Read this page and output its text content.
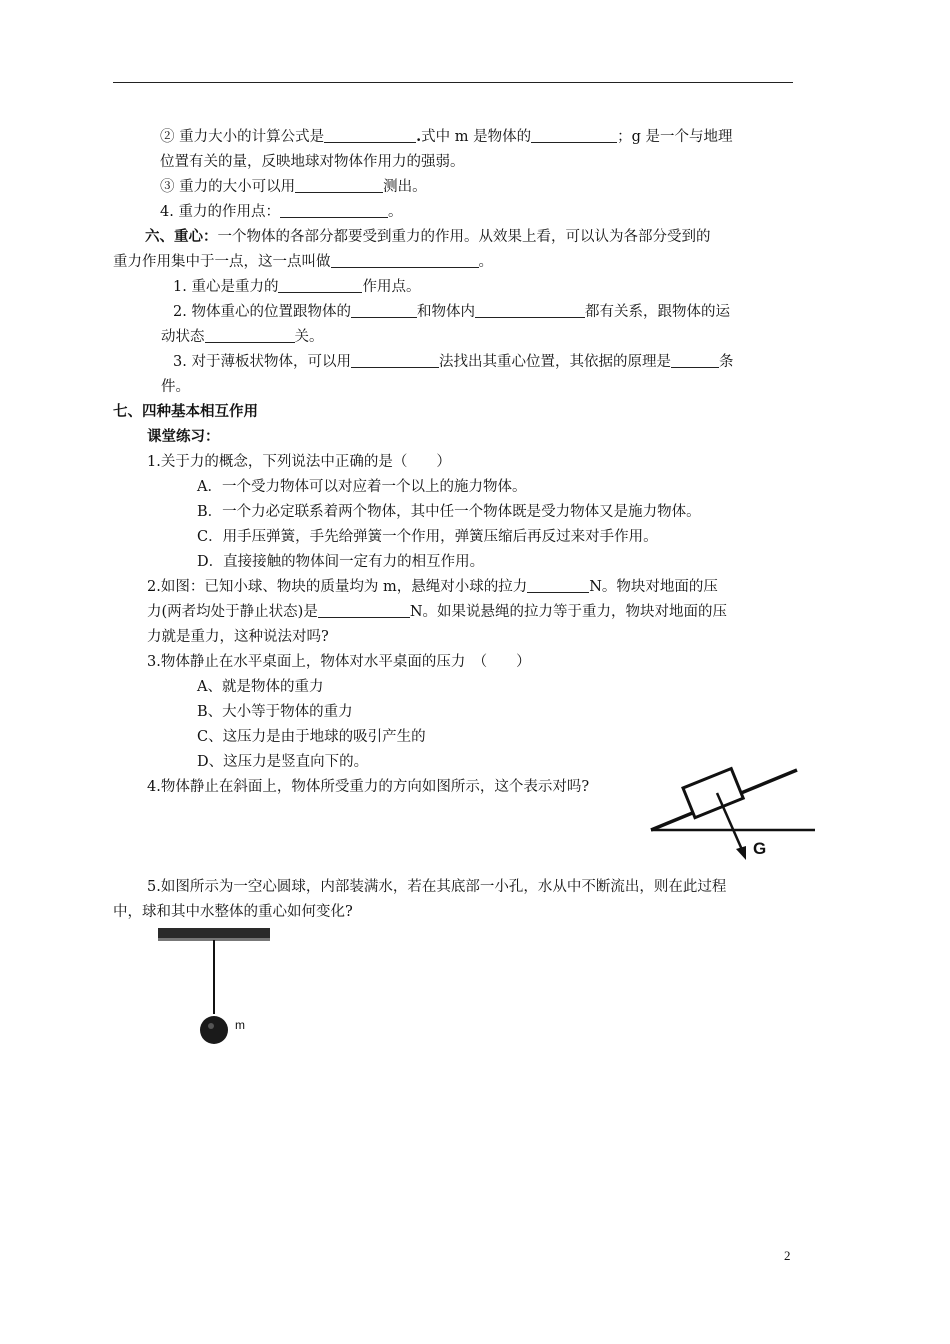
② 重力大小的计算公式是	.式中 m 是物体的	；g 是一个与地理
位置有关的量，反映地球对物体作用力的强弱。
③ 重力的大小可以用	测出。
4. 重力的作用点：	。
六、重心：一个物体的各部分都要受到重力的作用。从效果上看，可以认为各部分受到的
重力作用集中于一点，这一点叫做	。
1. 重心是重力的	作用点。
2. 物体重心的位置跟物体的	和物体内	都有关系，跟物体的运
动状态	关。
3. 对于薄板状物体，可以用	法找出其重心位置，其依据的原理是	条
件。
七、四种基本相互作用
课堂练习：
1.关于力的概念，下列说法中正确的是（　　）
A．一个受力物体可以对应着一个以上的施力物体。
B．一个力必定联系着两个物体，其中任一个物体既是受力物体又是施力物体。
C．用手压弹簧，手先给弹簧一个作用，弹簧压缩后再反过来对手作用。
D．直接接触的物体间一定有力的相互作用。
2.如图：已知小球、物块的质量均为 m，悬绳对小球的拉力	N。物块对地面的压
力(两者均处于静止状态)是	N。如果说悬绳的拉力等于重力，物块对地面的压
力就是重力，这种说法对吗?
3.物体静止在水平桌面上，物体对水平桌面的压力　（　　）
A、就是物体的重力
B、大小等于物体的重力
C、这压力是由于地球的吸引产生的
D、这压力是竖直向下的。
4.物体静止在斜面上，物体所受重力的方向如图所示，这个表示对吗?
G
5.如图所示为一空心圆球，内部装满水，若在其底部一小孔，水从中不断流出，则在此过程
中，球和其中水整体的重心如何变化?
m
2
